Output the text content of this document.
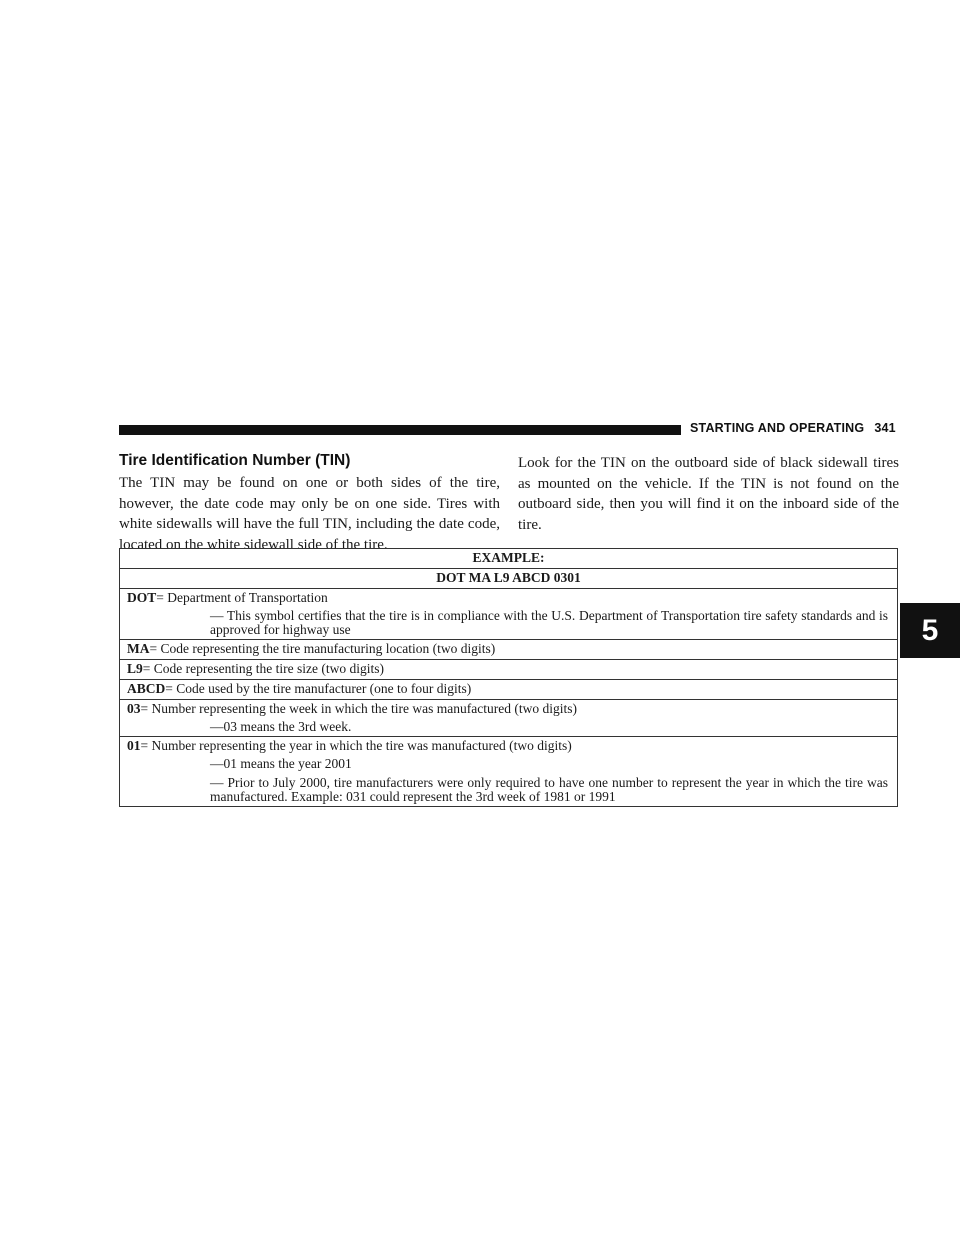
STARTING AND OPERATING 341
5
Tire Identification Number (TIN)

The TIN may be found on one or both sides of the tire, however, the date code may only be on one side. Tires with white sidewalls will have the full TIN, including the date code, located on the white sidewall side of the tire.

Look for the TIN on the outboard side of black sidewall tires as mounted on the vehicle. If the TIN is not found on the outboard side, then you will find it on the inboard side of the tire.

EXAMPLE:
DOT MA L9 ABCD 0301
DOT= Department of Transportation
— This symbol certifies that the tire is in compliance with the U.S. Department of Transportation tire safety standards and is approved for highway use

MA= Code representing the tire manufacturing location (two digits)
L9= Code representing the tire size (two digits)
ABCD= Code used by the tire manufacturer (one to four digits)
03= Number representing the week in which the tire was manufactured (two digits)
—03 means the 3rd week.

01= Number representing the year in which the tire was manufactured (two digits)
—01 means the year 2001
— Prior to July 2000, tire manufacturers were only required to have one number to represent the year in which the tire was manufactured. Example: 031 could represent the 3rd week of 1981 or 1991
